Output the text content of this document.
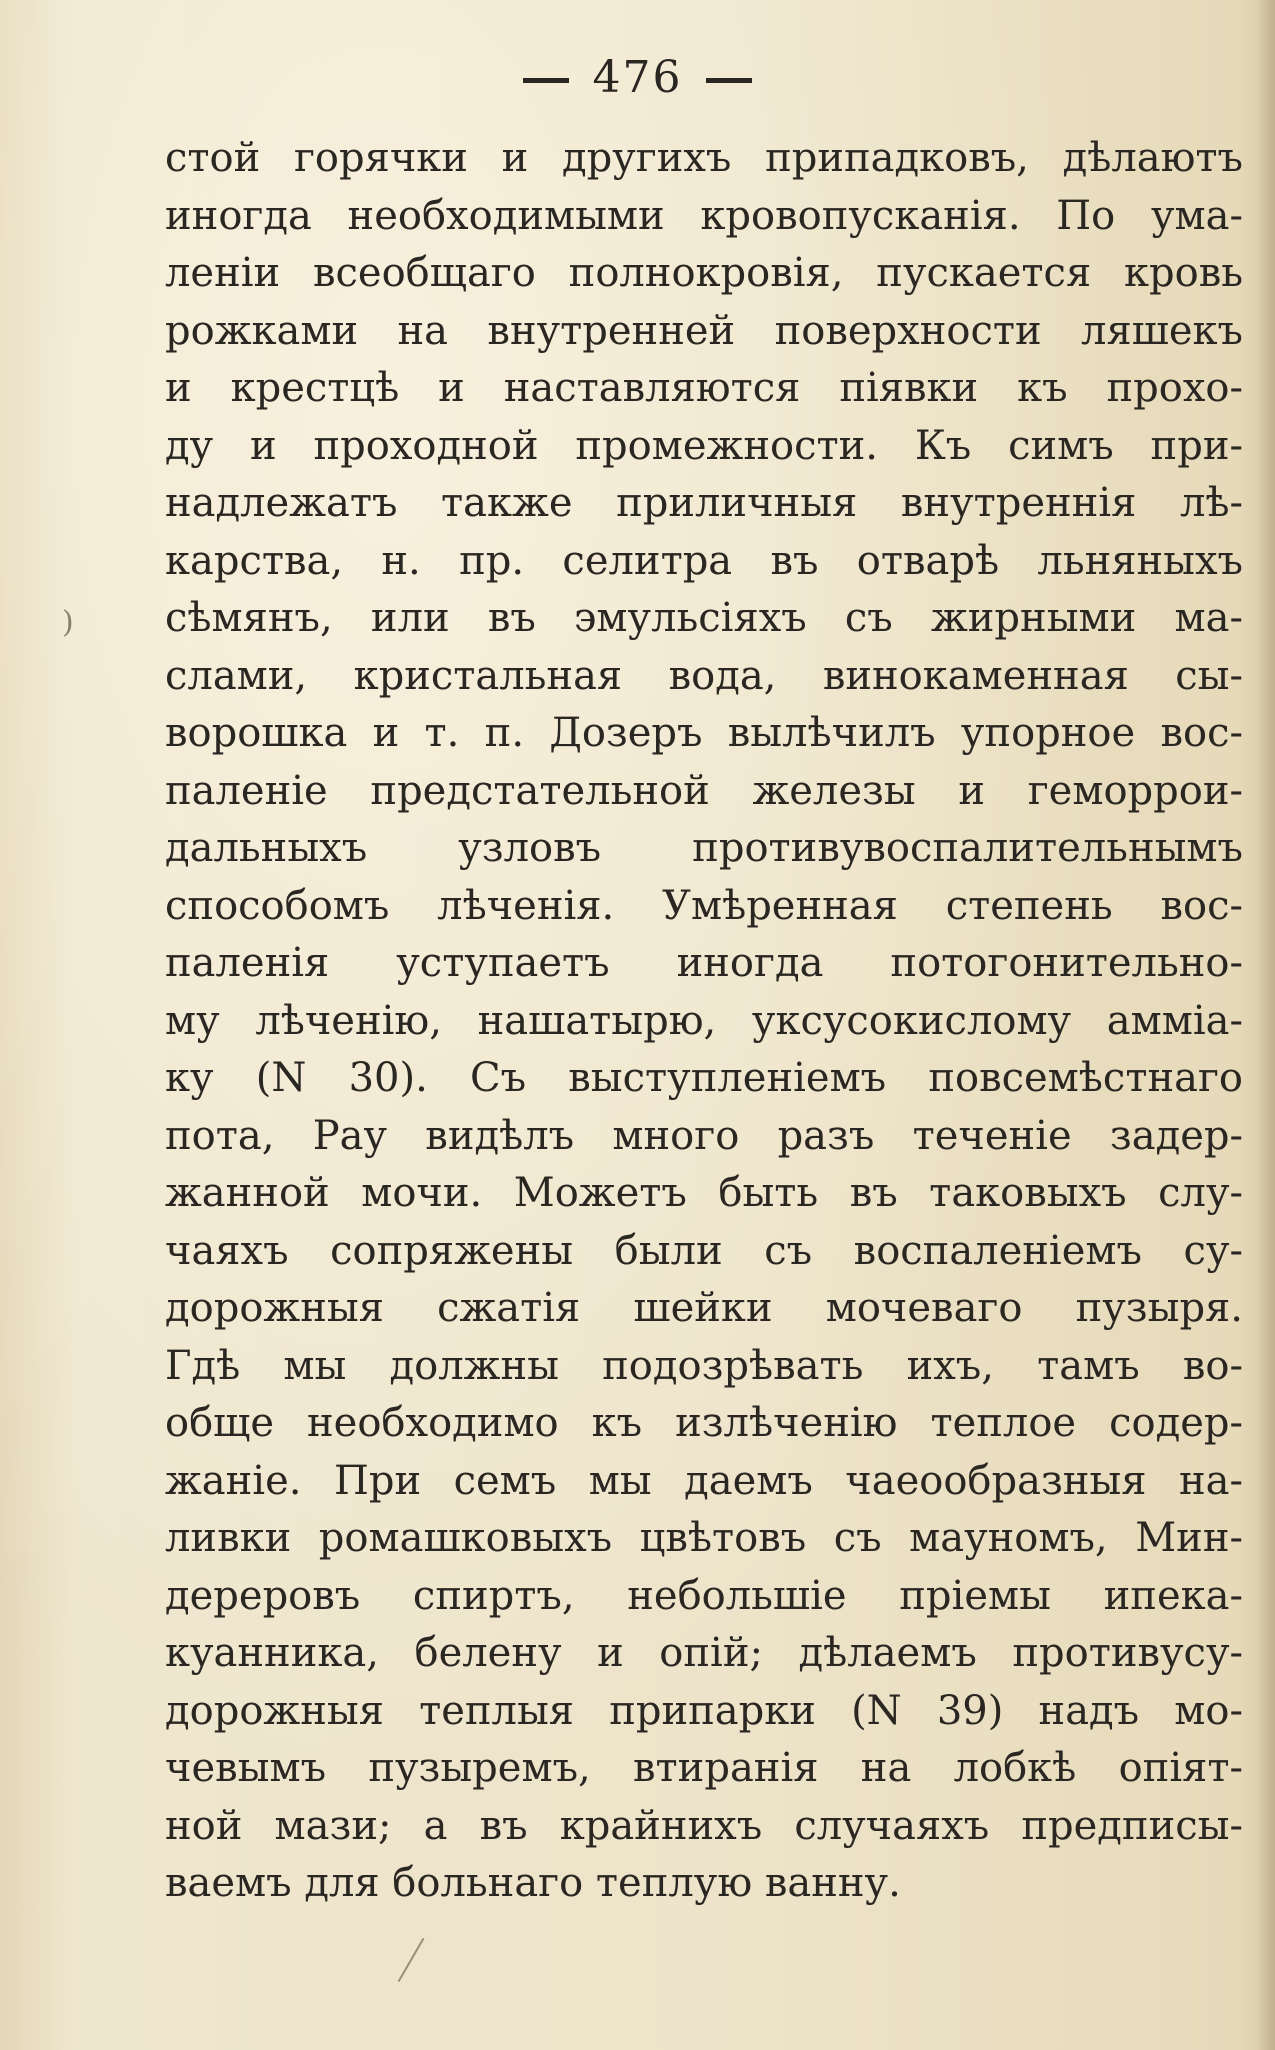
476
)
стой горячки и другихъ припадковъ, дѣлаютъ
иногда необходимыми кровопусканія. По ума-
леніи всеобщаго полнокровія, пускается кровь
рожками на внутренней поверхности ляшекъ
и крестцѣ и наставляются піявки къ прохо-
ду и проходной промежности. Къ симъ при-
надлежатъ также приличныя внутреннія лѣ-
карства, н. пр. селитра въ отварѣ льняныхъ
сѣмянъ, или въ эмульсіяхъ съ жирными ма-
слами, кристальная вода, винокаменная сы-
ворошка и т. п. Дозеръ вылѣчилъ упорное вос-
паленіе предстательной железы и геморрои-
дальныхъ узловъ противувоспалительнымъ
способомъ лѣченія. Умѣренная степень вос-
паленія уступаетъ иногда потогонительно-
му лѣченію, нашатырю, уксусокислому амміа-
ку (N 30). Съ выступленіемъ повсемѣстнаго
пота, Рау видѣлъ много разъ теченіе задер-
жанной мочи. Можетъ быть въ таковыхъ слу-
чаяхъ сопряжены были съ воспаленіемъ су-
дорожныя сжатія шейки мочеваго пузыря.
Гдѣ мы должны подозрѣвать ихъ, тамъ во-
обще необходимо къ излѣченію теплое содер-
жаніе. При семъ мы даемъ чаеообразныя на-
ливки ромашковыхъ цвѣтовъ съ мауномъ, Мин-
дереровъ спиртъ, небольшіе пріемы ипека-
куанника, белену и опій; дѣлаемъ противусу-
дорожныя теплыя припарки (N 39) надъ мо-
чевымъ пузыремъ, втиранія на лобкѣ опіят-
ной мази; а въ крайнихъ случаяхъ предписы-
ваемъ для больнаго теплую ванну.
